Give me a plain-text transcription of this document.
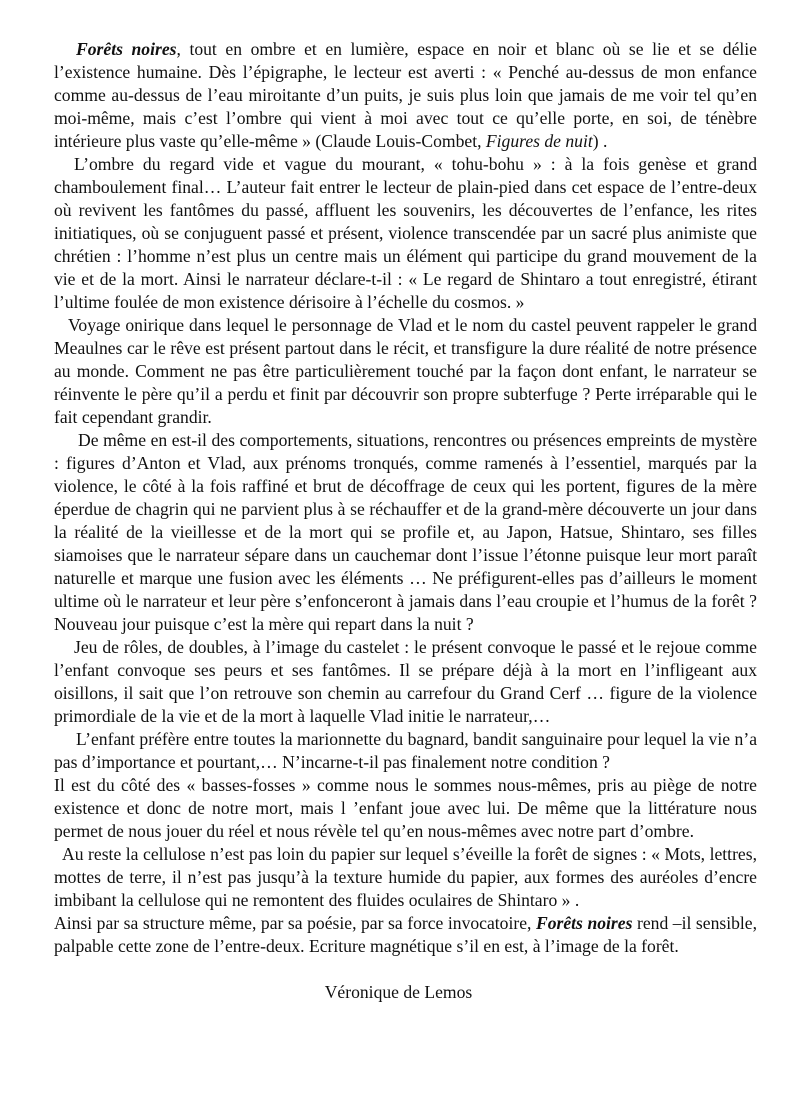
Forêts noires, tout en ombre et en lumière, espace en noir et blanc où se lie et se délie l’existence humaine. Dès l’épigraphe, le lecteur est averti : « Penché au-dessus de mon enfance comme au-dessus de l’eau miroitante d’un puits, je suis plus loin que jamais de me voir tel qu’en moi-même, mais c’est l’ombre qui vient à moi avec tout ce qu’elle porte, en soi, de ténèbre intérieure plus vaste qu’elle-même » (Claude Louis-Combet, Figures de nuit) .

L’ombre du regard vide et vague du mourant, « tohu-bohu » : à la fois genèse et grand chamboulement final… L’auteur fait entrer le lecteur de plain-pied dans cet espace de l’entre-deux où revivent les fantômes du passé, affluent les souvenirs, les découvertes de l’enfance, les rites initiatiques, où se conjuguent passé et présent, violence transcendée par un sacré plus animiste que chrétien : l’homme n’est plus un centre mais un élément qui participe du grand mouvement de la vie et de la mort. Ainsi le narrateur déclare-t-il : « Le regard de Shintaro a tout enregistré, étirant l’ultime foulée de mon existence dérisoire à l’échelle du cosmos. »

Voyage onirique dans lequel le personnage de Vlad et le nom du castel peuvent rappeler le grand Meaulnes car le rêve est présent partout dans le récit, et transfigure la dure réalité de notre présence au monde. Comment ne pas être particulièrement touché par la façon dont enfant, le narrateur se réinvente le père qu’il a perdu et finit par découvrir son propre subterfuge ? Perte irréparable qui le fait cependant grandir.

De même en est-il des comportements, situations, rencontres ou présences empreints de mystère : figures d’Anton et Vlad, aux prénoms tronqués, comme ramenés à l’essentiel, marqués par la violence, le côté à la fois raffiné et brut de décoffrage de ceux qui les portent, figures de la mère éperdue de chagrin qui ne parvient plus à se réchauffer et de la grand-mère découverte un jour dans la réalité de la vieillesse et de la mort qui se profile et, au Japon, Hatsue, Shintaro, ses filles siamoises que le narrateur sépare dans un cauchemar dont l’issue l’étonne puisque leur mort paraît naturelle et marque une fusion avec les éléments … Ne préfigurent-elles pas d’ailleurs le moment ultime où le narrateur et leur père s’enfonceront à jamais dans l’eau croupie et l’humus de la forêt ? Nouveau jour puisque c’est la mère qui repart dans la nuit ?

Jeu de rôles, de doubles, à l’image du castelet : le présent convoque le passé et le rejoue comme l’enfant convoque ses peurs et ses fantômes. Il se prépare déjà à la mort en l’infligeant aux oisillons, il sait que l’on retrouve son chemin au carrefour du Grand Cerf … figure de la violence primordiale de la vie et de la mort à laquelle Vlad initie le narrateur,…

L’enfant préfère entre toutes la marionnette du bagnard, bandit sanguinaire pour lequel la vie n’a pas d’importance et pourtant,… N’incarne-t-il pas finalement notre condition ?

Il est du côté des « basses-fosses » comme nous le sommes nous-mêmes, pris au piège de notre existence et donc de notre mort, mais l ’enfant joue avec lui. De même que la littérature nous permet de nous jouer du réel et nous révèle tel qu’en nous-mêmes avec notre part d’ombre.

Au reste la cellulose n’est pas loin du papier sur lequel s’éveille la forêt de signes : « Mots, lettres, mottes de terre, il n’est pas jusqu’à la texture humide du papier, aux formes des auréoles d’encre imbibant la cellulose qui ne remontent des fluides oculaires de Shintaro » .

Ainsi par sa structure même, par sa poésie, par sa force invocatoire, Forêts noires rend –il sensible, palpable cette zone de l’entre-deux. Ecriture magnétique s’il en est, à l’image de la forêt.

Véronique de Lemos
